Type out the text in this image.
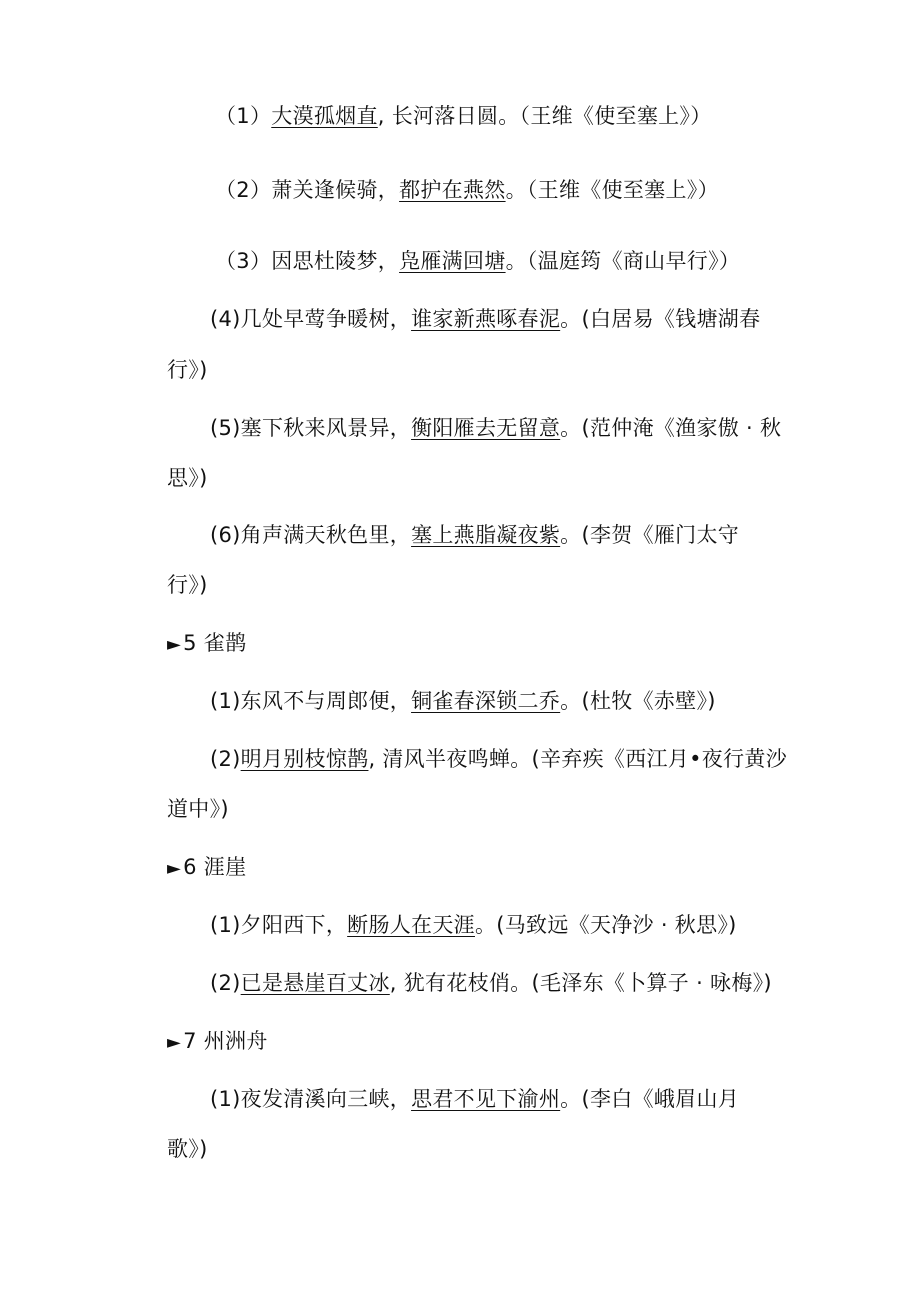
（1）大漠孤烟直, 长河落日圆。（王维《使至塞上》）

（2）萧关逢候骑，都护在燕然。（王维《使至塞上》）

（3）因思杜陵梦，凫雁满回塘。（温庭筠《商山早行》）

(4)几处早莺争暖树，谁家新燕啄春泥。(白居易《钱塘湖春

行》)

(5)塞下秋来风景异，衡阳雁去无留意。(范仲淹《渔家傲 · 秋

思》)

(6)角声满天秋色里，塞上燕脂凝夜紫。(李贺《雁门太守

行》)

►5 雀鹊

(1)东风不与周郎便，铜雀春深锁二乔。(杜牧《赤壁》)

(2)明月别枝惊鹊, 清风半夜鸣蝉。(辛弃疾《西江月•夜行黄沙

道中》)

►6 涯崖

(1)夕阳西下，断肠人在天涯。(马致远《天净沙 · 秋思》)

(2)已是悬崖百丈冰, 犹有花枝俏。(毛泽东《卜算子 · 咏梅》)

►7 州洲舟

(1)夜发清溪向三峡，思君不见下渝州。(李白《峨眉山月

歌》)
